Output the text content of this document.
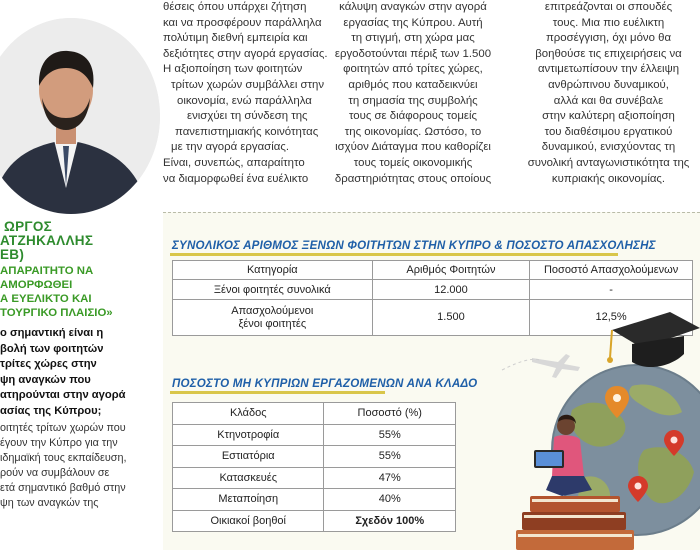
θέσεις όπου υπάρχει ζήτηση
και να προσφέρουν παράλληλα
πολύτιμη διεθνή εμπειρία και
δεξιότητες στην αγορά εργασίας.
Η αξιοποίηση των φοιτητών
τρίτων χωρών συμβάλλει στην
οικονομία, ενώ παράλληλα
ενισχύει τη σύνδεση της
πανεπιστημιακής κοινότητας
με την αγορά εργασίας.
Είναι, συνεπώς, απαραίτητο
να διαμορφωθεί ένα ευέλικτο
κάλυψη αναγκών στην αγορά
εργασίας της Κύπρου. Αυτή
τη στιγμή, στη χώρα μας
εργοδοτούνται πέριξ των 1.500
φοιτητών από τρίτες χώρες,
αριθμός που καταδεικνύει
τη σημασία της συμβολής
τους σε διάφορους τομείς
της οικονομίας. Ωστόσο, το
ισχύον Διάταγμα που καθορίζει
τους τομείς οικονομικής
δραστηριότητας στους οποίους
επιτρεάζονται οι σπουδές
τους. Μια πιο ευέλικτη
προσέγγιση, όχι μόνο θα
βοηθούσε τις επιχειρήσεις να
αντιμετωπίσουν την έλλειψη
ανθρώπινου δυναμικού,
αλλά και θα συνέβαλε
στην καλύτερη αξιοποίηση
του διαθέσιμου εργατικού
δυναμικού, ενισχύοντας τη
συνολική ανταγωνιστικότητα της
κυπριακής οικονομίας.
ΩΡΓΟΣ
ΑΤΖΗΚΑΛΛΗΣ
ΕΒ)
ΑΠΑΡΑΙΤΗΤΟ ΝΑ
ΑΜΟΡΦΩΘΕΙ
Α ΕΥΕΛΙΚΤΟ ΚΑΙ
ΤΟΥΡΓΙΚΟ ΠΛΑΙΣΙΟ»
ο σημαντική είναι η
βολή των φοιτητών
τρίτες χώρες στην
ψη αναγκών που
ατηρούνται στην αγορά
ασίας της Κύπρου;
οιτητές τρίτων χωρών που
έγουν την Κύπρο για την
ιδημαϊκή τους εκπαίδευση,
ρούν να συμβάλουν σε
ετά σημαντικό βαθμό στην
ψη των αναγκών της
ΣΥΝΟΛΙΚΟΣ ΑΡΙΘΜΟΣ ΞΕΝΩΝ ΦΟΙΤΗΤΩΝ ΣΤΗΝ ΚΥΠΡΟ & ΠΟΣΟΣΤΟ ΑΠΑΣΧΟΛΗΣΗΣ
Κατηγορία	Αριθμός Φοιτητών	Ποσοστό Απασχολούμενων
Ξένοι φοιτητές συνολικά	12.000	-

Απασχολούμενοι
ξένοι φοιτητές	1.500	12,5%
ΠΟΣΟΣΤΟ ΜΗ ΚΥΠΡΙΩΝ ΕΡΓΑΖΟΜΕΝΩΝ ΑΝΑ ΚΛΑΔΟ
Κλάδος	Ποσοστό (%)
Κτηνοτροφία	55%
Εστιατόρια	55%
Κατασκευές	47%
Μεταποίηση	40%
Οικιακοί βοηθοί	Σχεδόν 100%
